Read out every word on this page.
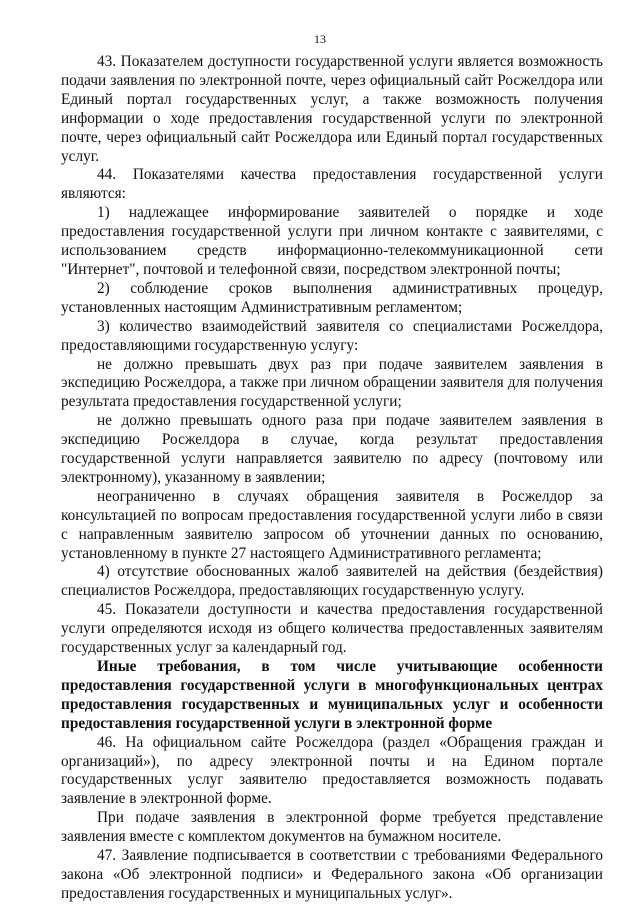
13

43. Показателем доступности государственной услуги является возможность подачи заявления по электронной почте, через официальный сайт Росжелдора или Единый портал государственных услуг, а также возможность получения информации о ходе предоставления государственной услуги по электронной почте, через официальный сайт Росжелдора или Единый портал государственных услуг.

44. Показателями качества предоставления государственной услуги являются:

1) надлежащее информирование заявителей о порядке и ходе предоставления государственной услуги при личном контакте с заявителями, с использованием средств информационно-телекоммуникационной сети "Интернет", почтовой и телефонной связи, посредством электронной почты;

2) соблюдение сроков выполнения административных процедур, установленных настоящим Административным регламентом;

3) количество взаимодействий заявителя со специалистами Росжелдора, предоставляющими государственную услугу:

не должно превышать двух раз при подаче заявителем заявления в экспедицию Росжелдора, а также при личном обращении заявителя для получения результата предоставления государственной услуги;

не должно превышать одного раза при подаче заявителем заявления в экспедицию Росжелдора в случае, когда результат предоставления государственной услуги направляется заявителю по адресу (почтовому или электронному), указанному в заявлении;

неограниченно в случаях обращения заявителя в Росжелдор за консультацией по вопросам предоставления государственной услуги либо в связи с направленным заявителю запросом об уточнении данных по основанию, установленному в пункте 27 настоящего Административного регламента;

4) отсутствие обоснованных жалоб заявителей на действия (бездействия) специалистов Росжелдора, предоставляющих государственную услугу.

45. Показатели доступности и качества предоставления государственной услуги определяются исходя из общего количества предоставленных заявителям государственных услуг за календарный год.

Иные требования, в том числе учитывающие особенности предоставления государственной услуги в многофункциональных центрах предоставления государственных и муниципальных услуг и особенности предоставления государственной услуги в электронной форме

46. На официальном сайте Росжелдора (раздел «Обращения граждан и организаций»), по адресу электронной почты и на Едином портале государственных услуг заявителю предоставляется возможность подавать заявление в электронной форме.

При подаче заявления в электронной форме требуется представление заявления вместе с комплектом документов на бумажном носителе.

47. Заявление подписывается в соответствии с требованиями Федерального закона «Об электронной подписи» и Федерального закона «Об организации предоставления государственных и муниципальных услуг».
